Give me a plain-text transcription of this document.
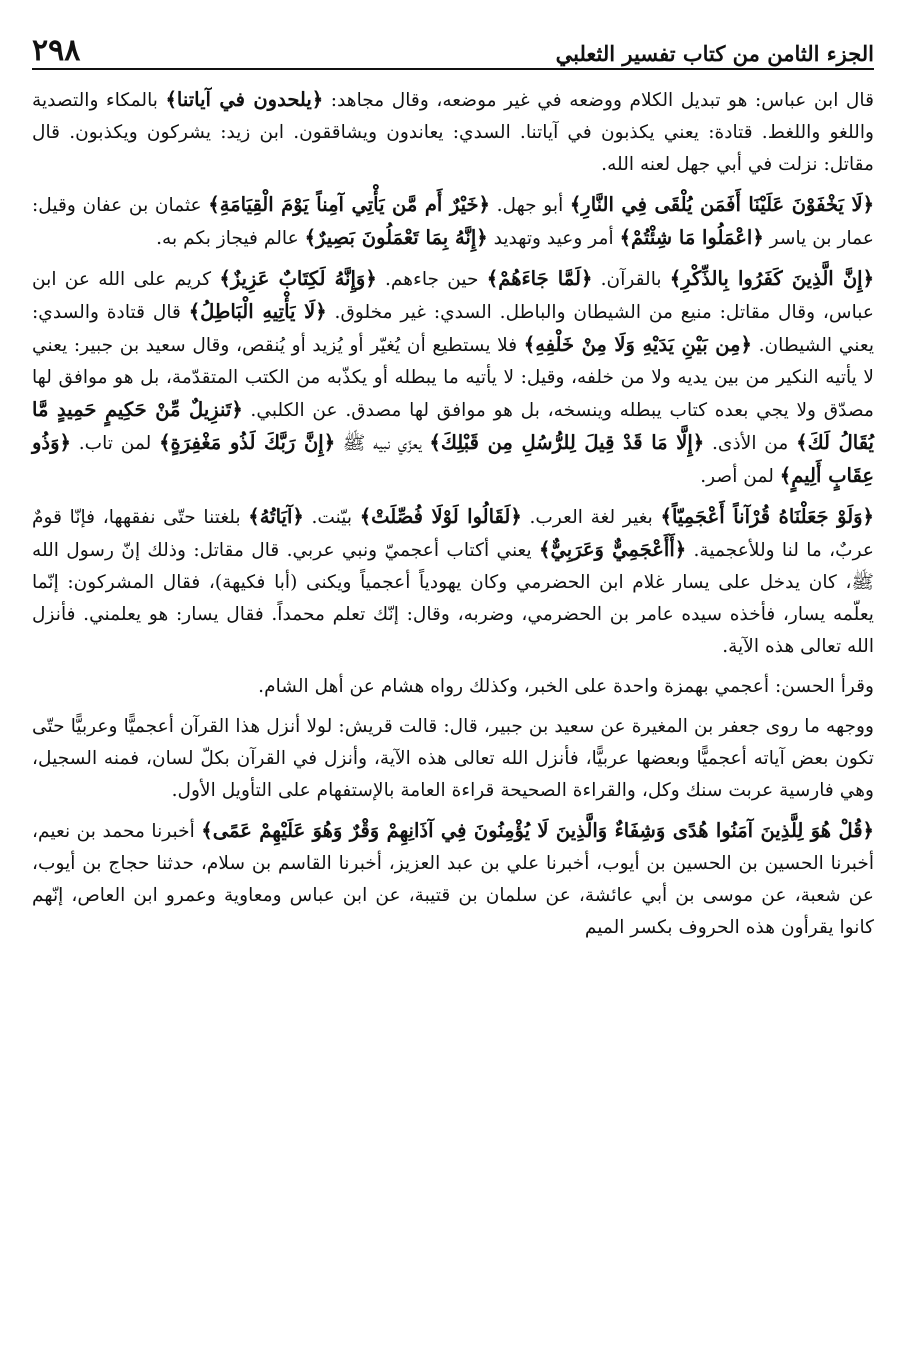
الجزء الثامن من كتاب تفسير الثعلبي
٢٩٨

قال ابن عباس: هو تبديل الكلام ووضعه في غير موضعه، وقال مجاهد: ﴿يلحدون في آياتنا﴾ بالمكاء والتصدية واللغو واللغط. قتادة: يعني يكذبون في آياتنا. السدي: يعاندون ويشاققون. ابن زيد: يشركون ويكذبون. قال مقاتل: نزلت في أبي جهل لعنه الله.

﴿لَا يَخْفَوْنَ عَلَيْنَا أَفَمَن يُلْقَى فِي النَّارِ﴾ أبو جهل. ﴿خَيْرٌ أَم مَّن يَأْتِي آمِناً يَوْمَ الْقِيَامَةِ﴾ عثمان بن عفان وقيل: عمار بن ياسر ﴿اعْمَلُوا مَا شِئْتُمْ﴾ أمر وعيد وتهديد ﴿إِنَّهُ بِمَا تَعْمَلُونَ بَصِيرٌ﴾ عالم فيجاز بكم به.

﴿إِنَّ الَّذِينَ كَفَرُوا بِالذِّكْرِ﴾ بالقرآن. ﴿لَمَّا جَاءَهُمْ﴾ حين جاءهم. ﴿وَإِنَّهُ لَكِتَابٌ عَزِيزٌ﴾ كريم على الله عن ابن عباس، وقال مقاتل: منيع من الشيطان والباطل. السدي: غير مخلوق. ﴿لَا يَأْتِيهِ الْبَاطِلُ﴾ قال قتادة والسدي: يعني الشيطان. ﴿مِن بَيْنِ يَدَيْهِ وَلَا مِنْ خَلْفِهِ﴾ فلا يستطيع أن يُغيّر أو يُزيد أو يُنقص، وقال سعيد بن جبير: يعني لا يأتيه النكير من بين يديه ولا من خلفه، وقيل: لا يأتيه ما يبطله أو يكذّبه من الكتب المتقدّمة، بل هو موافق لها مصدّق ولا يجي بعده كتاب يبطله وينسخه، بل هو موافق لها مصدق. عن الكلبي. ﴿تَنزِيلٌ مِّنْ حَكِيمٍ حَمِيدٍ مَّا يُقَالُ لَكَ﴾ من الأذى. ﴿إِلَّا مَا قَدْ قِيلَ لِلرُّسُلِ مِن قَبْلِكَ﴾ يعزّي نبيه ﷺ ﴿إِنَّ رَبَّكَ لَذُو مَغْفِرَةٍ﴾ لمن تاب. ﴿وَذُو عِقَابٍ أَلِيمٍ﴾ لمن أصر.

﴿وَلَوْ جَعَلْنَاهُ قُرْآناً أَعْجَمِيّاً﴾ بغير لغة العرب. ﴿لَقَالُوا لَوْلَا فُصِّلَتْ﴾ بيّنت. ﴿آيَاتُهُ﴾ بلغتنا حتّى نفقهها، فإنّا قومٌ عربٌ، ما لنا وللأعجمية. ﴿أَأَعْجَمِيٌّ وَعَرَبِيٌّ﴾ يعني أكتاب أعجميّ ونبي عربي. قال مقاتل: وذلك إنّ رسول الله ﷺ، كان يدخل على يسار غلام ابن الحضرمي وكان يهودياً أعجمياً ويكنى (أبا فكيهة)، فقال المشركون: إنّما يعلّمه يسار، فأخذه سيده عامر بن الحضرمي، وضربه، وقال: إنّك تعلم محمداً. فقال يسار: هو يعلمني. فأنزل الله تعالى هذه الآية.

وقرأ الحسن: أعجمي بهمزة واحدة على الخبر، وكذلك رواه هشام عن أهل الشام.

ووجهه ما روى جعفر بن المغيرة عن سعيد بن جبير، قال: قالت قريش: لولا أنزل هذا القرآن أعجميًّا وعربيًّا حتّى تكون بعض آياته أعجميًّا وبعضها عربيًّا، فأنزل الله تعالى هذه الآية، وأنزل في القرآن بكلّ لسان، فمنه السجيل، وهي فارسية عربت سنك وكل، والقراءة الصحيحة قراءة العامة بالإستفهام على التأويل الأول.

﴿قُلْ هُوَ لِلَّذِينَ آمَنُوا هُدًى وَشِفَاءٌ وَالَّذِينَ لَا يُؤْمِنُونَ فِي آذَانِهِمْ وَقْرٌ وَهُوَ عَلَيْهِمْ عَمًى﴾ أخبرنا محمد بن نعيم، أخبرنا الحسين بن الحسين بن أيوب، أخبرنا علي بن عبد العزيز، أخبرنا القاسم بن سلام، حدثنا حجاج بن أيوب، عن شعبة، عن موسى بن أبي عائشة، عن سلمان بن قتيبة، عن ابن عباس ومعاوية وعمرو ابن العاص، إنّهم كانوا يقرأون هذه الحروف بكسر الميم
